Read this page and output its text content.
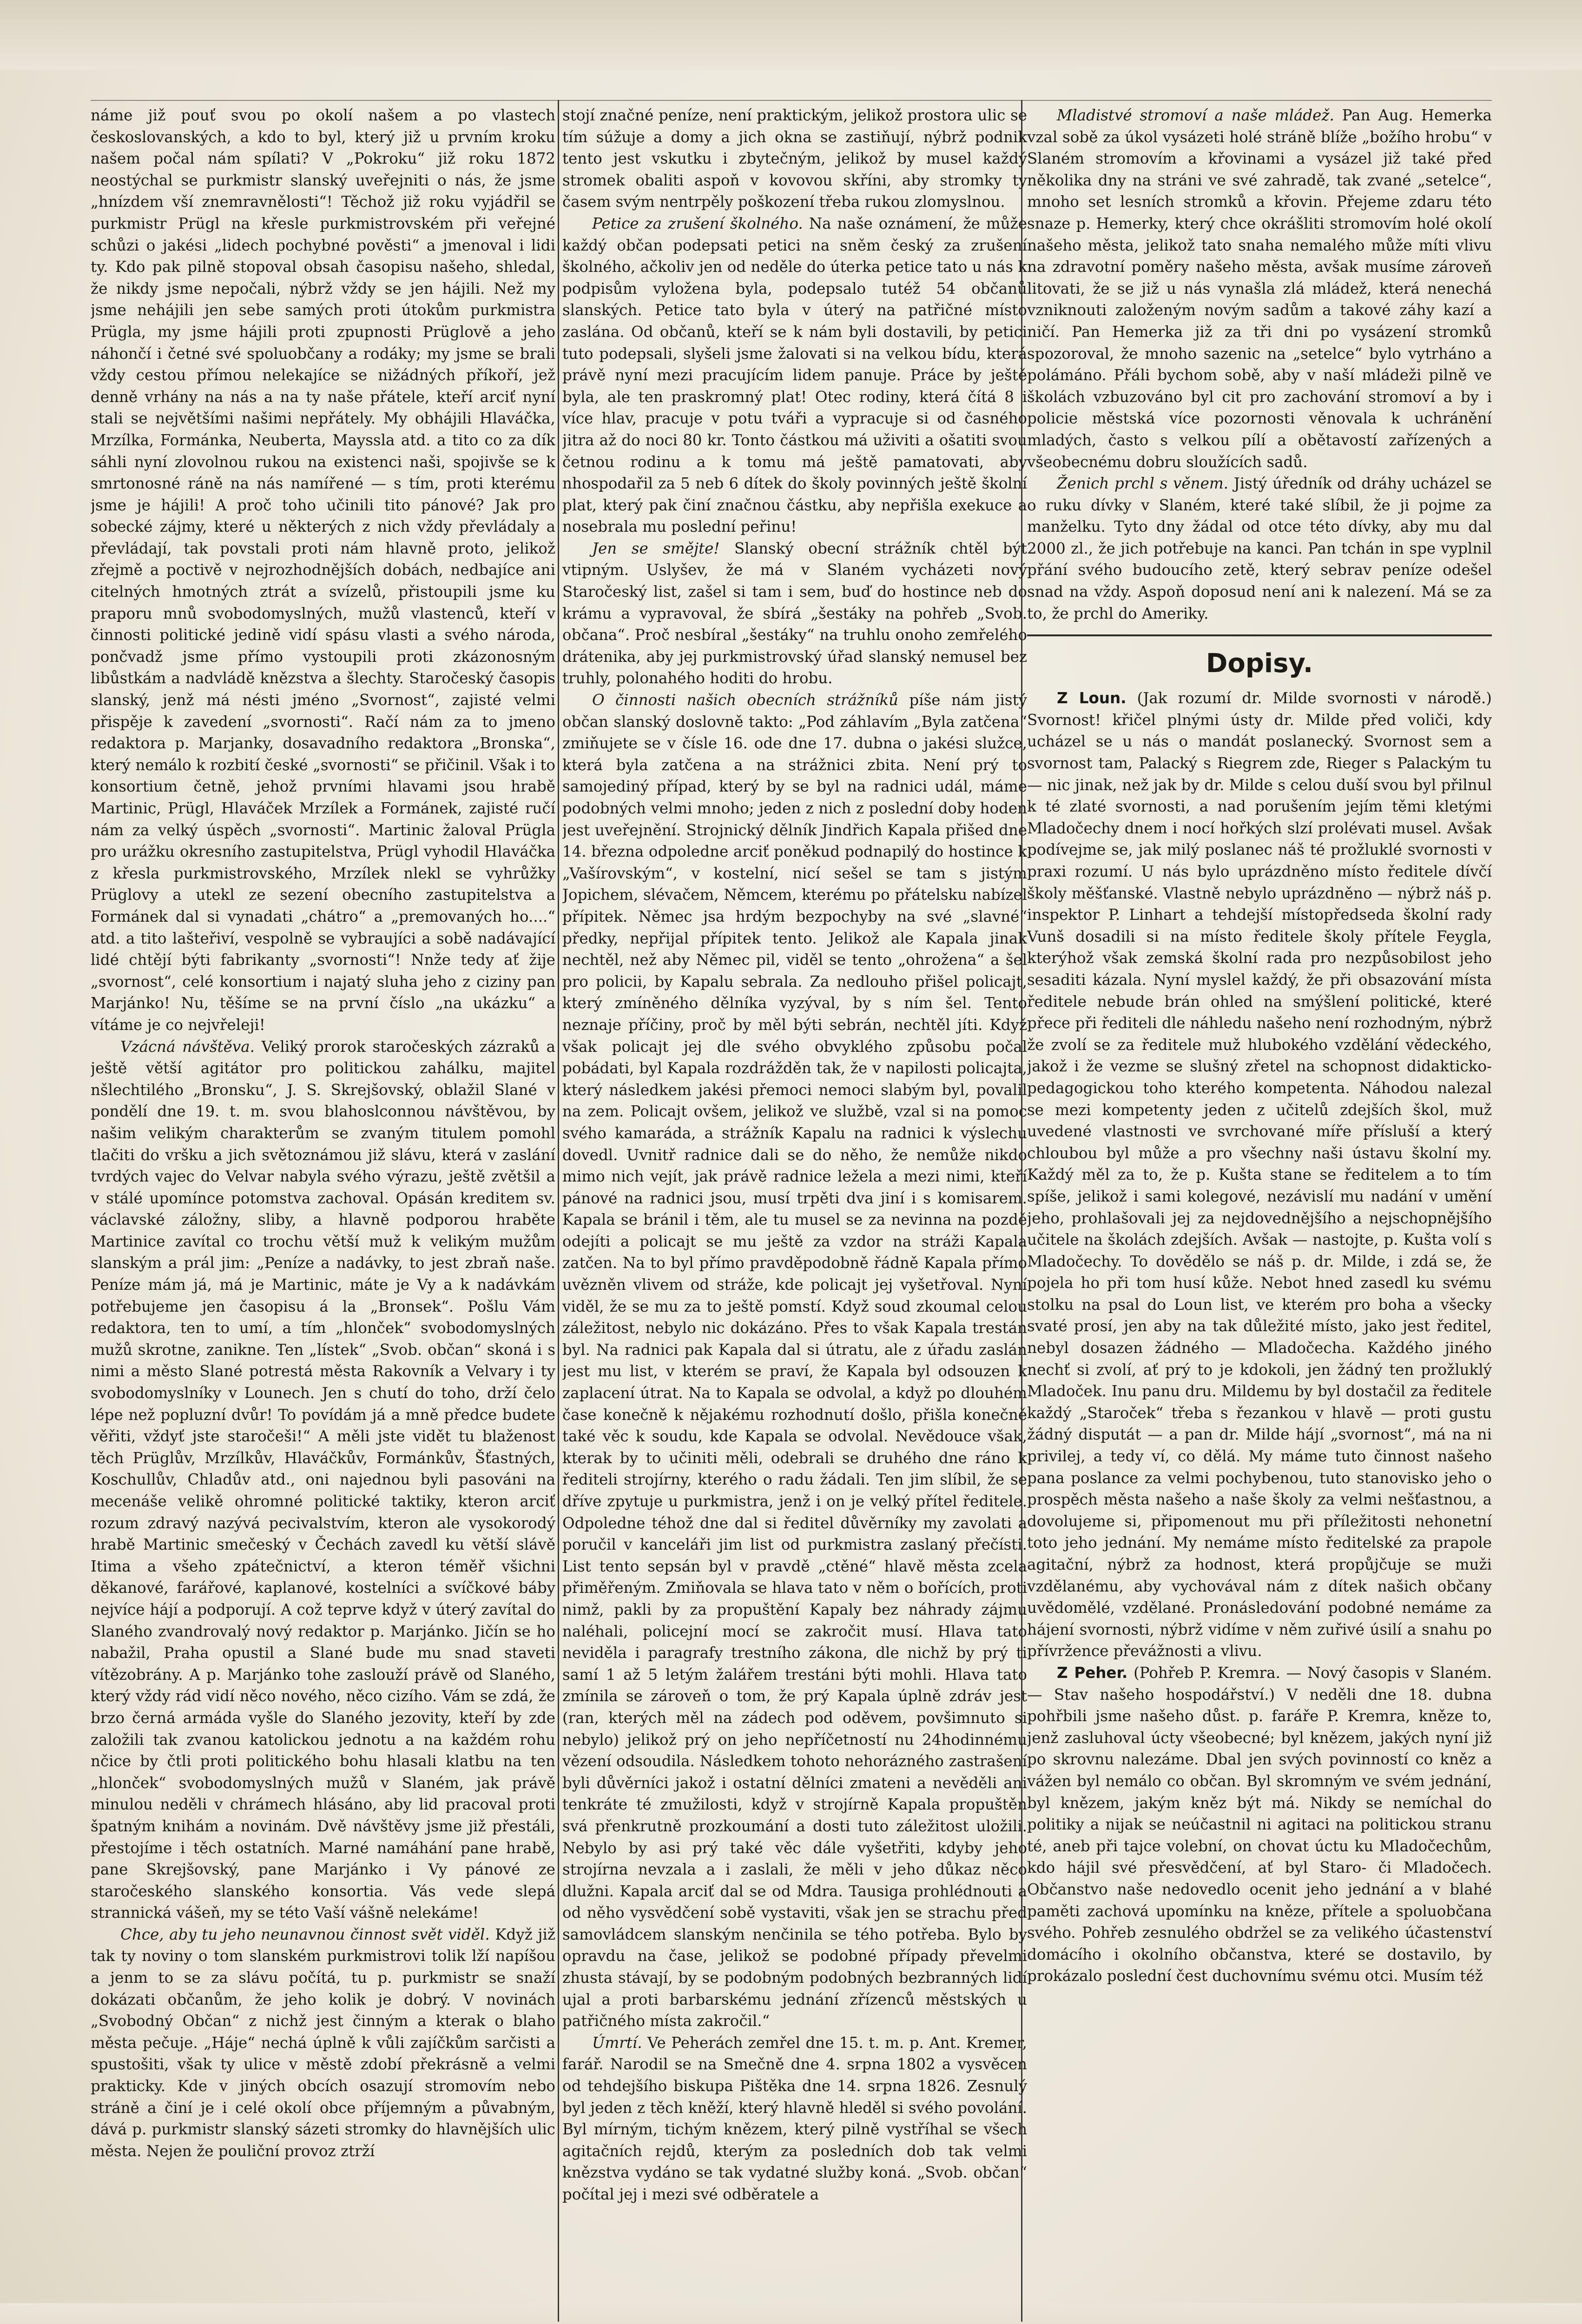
náme již pouť svou po okolí našem a po vlastech českoslovanských, a kdo to byl, který již u prvním kroku našem počal nám spílati? V „Pokroku“ již roku 1872 neostýchal se purkmistr slanský uveřejniti o nás, že jsme „hnízdem vší znemravnělosti“! Těchož již roku vyjádřil se purkmistr Prügl na křesle purkmistrovském při veřejné schůzi o jakési „lidech pochybné pověsti“ a jmenoval i lidi ty. Kdo pak pilně stopoval obsah časopisu našeho, shledal, že nikdy jsme nepočali, nýbrž vždy se jen hájili. Než my jsme nehájili jen sebe samých proti útokům purkmistra Prügla, my jsme hájili proti zpupnosti Prüglově a jeho náhončí i četné své spoluobčany a rodáky; my jsme se brali vždy cestou přímou nelekajíce se nižádných příkoří, jež denně vrhány na nás a na ty naše přátele, kteří arciť nyní stali se největšími našimi nepřátely. My obhájili Hlaváčka, Mrzílka, Formánka, Neuberta, Mayssla atd. a tito co za dík sáhli nyní zlovolnou rukou na existenci naši, spojivše se k smrtonosné ráně na nás namířené — s tím, proti kterému jsme je hájili! A proč toho učinili tito pánové? Jak pro sobecké zájmy, které u některých z nich vždy převládaly a převládají, tak povstali proti nám hlavně proto, jelikož zřejmě a poctivě v nejrozhodnějších dobách, nedbajíce ani citelných hmotných ztrát a svízelů, přistoupili jsme ku praporu mnů svobodomyslných, mužů vlastenců, kteří v činnosti politické jedině vidí spásu vlasti a svého národa, pončvadž jsme přímo vystoupili proti zkázonosným libůstkám a nadvládě knězstva a šlechty. Staročeský časopis slanský, jenž má nésti jméno „Svornost“, zajisté velmi přispěje k zavedení „svornosti“. Račí nám za to jmeno redaktora p. Marjanky, dosavadního redaktora „Bronska“, který nemálo k rozbití české „svornosti“ se přičinil. Však i to konsortium četně, jehož prvními hlavami jsou hrabě Martinic, Prügl, Hlaváček Mrzílek a Formánek, zajisté ručí nám za velký úspěch „svornosti“. Martinic žaloval Prügla pro urážku okresního zastupitelstva, Prügl vyhodil Hlaváčka z křesla purkmistrovského, Mrzílek nlekl se vyhrůžky Prüglovy a utekl ze sezení obecního zastupitelstva a Formánek dal si vynadati „chátro“ a „premovaných ho....“ atd. a tito lašteřiví, vespolně se vybraujíci a sobě nadávající lidé chtějí býti fabrikanty „svornosti“! Nnže tedy ať žije „svornost“, celé konsortium i najatý sluha jeho z ciziny pan Marjánko! Nu, těšíme se na první číslo „na ukázku“ a vítáme je co nejvřeleji!

Vzácná návštěva. Veliký prorok staročeských zázraků a ještě větší agitátor pro politickou zahálku, majitel nšlechtilého „Bronsku“, J. S. Skrejšovský, oblažil Slané v pondělí dne 19. t. m. svou blahoslconnou návštěvou, by našim velikým charakterům se zvaným titulem pomohl tlačiti do vršku a jich světoznámou již slávu, která v zaslání tvrdých vajec do Velvar nabyla svého výrazu, ještě zvětšil a v stálé upomínce potomstva zachoval. Opásán kreditem sv. václavské záložny, sliby, a hlavně podporou hraběte Martinice zavítal co trochu větší muž k velikým mužům slanským a prál jim: „Peníze a nadávky, to jest zbraň naše. Peníze mám já, má je Martinic, máte je Vy a k nadávkám potřebujeme jen časopisu á la „Bronsek“. Pošlu Vám redaktora, ten to umí, a tím „hlonček“ svobodomyslných mužů skrotne, zanikne. Ten „lístek“ „Svob. občan“ skoná i s nimi a město Slané potrestá města Rakovník a Velvary i ty svobodomyslníky v Lounech. Jen s chutí do toho, drží čelo lépe než popluzní dvůr! To povídám já a mně předce budete věřiti, vždyť jste staročeši!“ A měli jste vidět tu blaženost těch Prüglův, Mrzílkův, Hlaváčkův, Formánkův, Šťastných, Koschullův, Chladův atd., oni najednou byli pasováni na mecenáše velikě ohromné politické taktiky, kteron arciť rozum zdravý nazývá pecivalstvím, kteron ale vysokorodý hrabě Martinic smečeský v Čechách zavedl ku větší slávě Itima a všeho zpátečnictví, a kteron téměř všichni děkanové, farářové, kaplanové, kostelníci a svíčkové báby nejvíce hájí a podporují. A což teprve když v úterý zavítal do Slaného zvandrovalý nový redaktor p. Marjánko. Jičín se ho nabažil, Praha opustil a Slané bude mu snad staveti vítězobrány. A p. Marjánko tohe zaslouží právě od Slaného, který vždy rád vidí něco nového, něco cizího. Vám se zdá, že brzo černá armáda vyšle do Slaného jezovity, kteří by zde založili tak zvanou katolickou jednotu a na každém rohu nčice by čtli proti politického bohu hlasali klatbu na ten „hlonček“ svobodomyslných mužů v Slaném, jak právě minulou neděli v chrámech hlásáno, aby lid pracoval proti špatným knihám a novinám. Dvě návštěvy jsme již přestáli, přestojíme i těch ostatních. Marné namáhání pane hrabě, pane Skrejšovský, pane Marjánko i Vy pánové ze staročeského slanského konsortia. Vás vede slepá strannická vášeň, my se této Vaší vášně nelekáme!

Chce, aby tu jeho neunavnou činnost svět viděl. Když již tak ty noviny o tom slanském purkmistrovi tolik lží napíšou a jenm to se za slávu počítá, tu p. purkmistr se snaží dokázati občanům, že jeho kolik je dobrý. V novinách „Svobodný Občan“ z nichž jest činným a kterak o blaho města pečuje. „Háje“ nechá úplně k vůli zajíčkům sarčisti a spustošiti, však ty ulice v městě zdobí překrásně a velmi prakticky. Kde v jiných obcích osazují stromovím nebo stráně a činí je i celé okolí obce příjemným a půvabným, dává p. purkmistr slanský sázeti stromky do hlavnějších ulic města. Nejen že pouliční provoz ztrží

stojí značné peníze, není praktickým, jelikož prostora ulic se tím súžuje a domy a jich okna se zastiňují, nýbrž podnik tento jest vskutku i zbytečným, jelikož by musel každý stromek obaliti aspoň v kovovou skříni, aby stromky ty časem svým nentrpěly poškození třeba rukou zlomyslnou.

Petice za zrušení školného. Na naše oznámení, že může každý občan podepsati petici na sněm český za zrušení školného, ačkoliv jen od neděle do úterka petice tato u nás k podpisům vyložena byla, podepsalo tutéž 54 občanů slanských. Petice tato byla v úterý na patřičné místo zaslána. Od občanů, kteří se k nám byli dostavili, by petici tuto podepsali, slyšeli jsme žalovati si na velkou bídu, která právě nyní mezi pracujícím lidem panuje. Práce by ještě byla, ale ten praskromný plat! Otec rodiny, která čítá 8 i více hlav, pracuje v potu tváři a vypracuje si od časného jitra až do noci 80 kr. Tonto částkou má uživiti a ošatiti svou četnou rodinu a k tomu má ještě pamatovati, aby nhospodařil za 5 neb 6 dítek do školy povinných ještě školní plat, který pak činí značnou částku, aby nepřišla exekuce a nosebrala mu poslední peřinu!

Jen se smějte! Slanský obecní strážník chtěl být vtipným. Uslyšev, že má v Slaném vycházeti nový Staročeský list, zašel si tam i sem, buď do hostince neb do krámu a vypravoval, že sbírá „šestáky na pohřeb „Svob. občana“. Proč nesbíral „šestáky“ na truhlu onoho zemřelého drátenika, aby jej purkmistrovský úřad slanský nemusel bez truhly, polonahého hoditi do hrobu.

O činnosti našich obecních strážníků píše nám jistý občan slanský doslovně takto: „Pod záhlavím „Byla zatčena“ zmiňujete se v čísle 16. ode dne 17. dubna o jakési služce, která byla zatčena a na strážnici zbita. Není prý to samojediný případ, který by se byl na radnici udál, máme podobných velmi mnoho; jeden z nich z poslední doby hoden jest uveřejnění. Strojnický dělník Jindřich Kapala přišed dne 14. března odpoledne arciť poněkud podnapilý do hostince k „Vašírovským“, v kostelní, nicí sešel se tam s jistým Jopichem, slévačem, Němcem, kterému po přátelsku nabízel přípitek. Němec jsa hrdým bezpochyby na své „slavné“ předky, nepřijal přípitek tento. Jelikož ale Kapala jinak nechtěl, než aby Němec pil, viděl se tento „ohrožena“ a šel pro policii, by Kapalu sebrala. Za nedlouho přišel policajt, který zmíněného dělníka vyzýval, by s ním šel. Tento neznaje příčiny, proč by měl býti sebrán, nechtěl jíti. Když však policajt jej dle svého obvyklého způsobu počal pobádati, byl Kapala rozdrážděn tak, že v napilosti policajta, který následkem jakési přemoci nemoci slabým byl, povalil na zem. Policajt ovšem, jelikož ve službě, vzal si na pomoc svého kamaráda, a strážník Kapalu na radnici k výslechu dovedl. Uvnitř radnice dali se do něho, že nemůže nikdo mimo nich vejít, jak právě radnice ležela a mezi nimi, kteří pánové na radnici jsou, musí trpěti dva jiní i s komisarem. Kapala se bránil i těm, ale tu musel se za nevinna na pozdě odejíti a policajt se mu ještě za vzdor na stráži Kapala zatčen. Na to byl přímo pravděpodobně řádně Kapala přímo uvězněn vlivem od stráže, kde policajt jej vyšetřoval. Nyní viděl, že se mu za to ještě pomstí. Když soud zkoumal celou záležitost, nebylo nic dokázáno. Přes to však Kapala trestán byl. Na radnici pak Kapala dal si útratu, ale z úřadu zaslán jest mu list, v kterém se praví, že Kapala byl odsouzen k zaplacení útrat. Na to Kapala se odvolal, a když po dlouhém čase konečně k nějakému rozhodnutí došlo, přišla konečně také věc k soudu, kde Kapala se odvolal. Nevědouce však, kterak by to učiniti měli, odebrali se druhého dne ráno k řediteli strojírny, kterého o radu žádali. Ten jim slíbil, že se dříve zpytuje u purkmistra, jenž i on je velký přítel ředitele. Odpoledne téhož dne dal si ředitel důvěrníky my zavolati a poručil v kanceláři jim list od purkmistra zaslaný přečísti. List tento sepsán byl v pravdě „ctěné“ hlavě města zcela přiměřeným. Zmiňovala se hlava tato v něm o bořících, proti nimž, pakli by za propuštění Kapaly bez náhrady zájmu naléhali, policejní mocí se zakročit musí. Hlava tato neviděla i paragrafy trestního zákona, dle nichž by prý ti samí 1 až 5 letým žalářem trestáni býti mohli. Hlava tato zmínila se zároveň o tom, že prý Kapala úplně zdráv jest (ran, kterých měl na zádech pod oděvem, povšimnuto si nebylo) jelikož prý on jeho nepříčetností nu 24hodinnému vězení odsoudila. Následkem tohoto nehorázného zastrašení byli důvěrníci jakož i ostatní dělníci zmateni a nevěděli ani tenkráte té zmužilosti, když v strojírně Kapala propuštěn svá přenkrutně prozkoumání a dosti tuto záležitost uložili. Nebylo by asi prý také věc dále vyšetřiti, kdyby jeho strojírna nevzala a i zaslali, že měli v jeho důkaz něco dlužni. Kapala arciť dal se od Mdra. Tausiga prohlédnouti a od něho vysvědčení sobě vystaviti, však jen se strachu před samovládcem slanským nenčinila se tého potřeba. Bylo by opravdu na čase, jelikož se podobné případy převelmi zhusta stávají, by se podobným podobných bezbranných lidí ujal a proti barbarskému jednání zřízenců městských u patřičného místa zakročil.“

Úmrtí. Ve Peherách zemřel dne 15. t. m. p. Ant. Kremer, farář. Narodil se na Smečně dne 4. srpna 1802 a vysvěcen od tehdejšího biskupa Pištěka dne 14. srpna 1826. Zesnulý byl jeden z těch kněží, který hlavně hleděl si svého povolání. Byl mírným, tichým knězem, který pilně vystříhal se všech agitačních rejdů, kterým za posledních dob tak velmi knězstva vydáno se tak vydatné služby koná. „Svob. občan“ počítal jej i mezi své odběratele a

Mladistvé stromoví a naše mládež. Pan Aug. Hemerka vzal sobě za úkol vysázeti holé stráně blíže „božího hrobu“ v Slaném stromovím a křovinami a vysázel již také před několika dny na stráni ve své zahradě, tak zvané „setelce“, mnoho set lesních stromků a křovin. Přejeme zdaru této snaze p. Hemerky, který chce okrášliti stromovím holé okolí našeho města, jelikož tato snaha nemalého může míti vlivu na zdravotní poměry našeho města, avšak musíme zároveň litovati, že se již u nás vynašla zlá mládež, která nenechá vzniknouti založeným novým sadům a takové záhy kazí a ničí. Pan Hemerka již za tři dni po vysázení stromků spozoroval, že mnoho sazenic na „setelce“ bylo vytrháno a polámáno. Přáli bychom sobě, aby v naší mládeži pilně ve školách vzbuzováno byl cit pro zachování stromoví a by i policie městská více pozornosti věnovala k uchránění mladých, často s velkou pílí a obětavostí zařízených a všeobecnému dobru sloužících sadů.

Ženich prchl s věnem. Jistý úředník od dráhy ucházel se o ruku dívky v Slaném, které také slíbil, že ji pojme za manželku. Tyto dny žádal od otce této dívky, aby mu dal 2000 zl., že jich potřebuje na kanci. Pan tchán in spe vyplnil přání svého budoucího zetě, který sebrav peníze odešel snad na vždy. Aspoň doposud není ani k nalezení. Má se za to, že prchl do Ameriky.

Dopisy.

Z Loun. (Jak rozumí dr. Milde svornosti v národě.) Svornost! křičel plnými ústy dr. Milde před voliči, kdy ucházel se u nás o mandát poslanecký. Svornost sem a svornost tam, Palacký s Riegrem zde, Rieger s Palackým tu — nic jinak, než jak by dr. Milde s celou duší svou byl přilnul k té zlaté svornosti, a nad porušením jejím těmi kletými Mladočechy dnem i nocí hořkých slzí prolévati musel. Avšak podívejme se, jak milý poslanec náš té prožluklé svornosti v praxi rozumí. U nás bylo uprázdněno místo ředitele dívčí školy měšťanské. Vlastně nebylo uprázdněno — nýbrž náš p. inspektor P. Linhart a tehdejší místopředseda školní rady Vunš dosadili si na místo ředitele školy přítele Feygla, kterýhož však zemská školní rada pro nezpůsobilost jeho sesaditi kázala. Nyní myslel každý, že při obsazování místa ředitele nebude brán ohled na smýšlení politické, které přece při řediteli dle náhledu našeho není rozhodným, nýbrž že zvolí se za ředitele muž hlubokého vzdělání vědeckého, jakož i že vezme se slušný zřetel na schopnost didakticko-pedagogickou toho kterého kompetenta. Náhodou nalezal se mezi kompetenty jeden z učitelů zdejších škol, muž uvedené vlastnosti ve svrchované míře přísluší a který chloubou byl může a pro všechny naši ústavu školní my. Každý měl za to, že p. Kušta stane se ředitelem a to tím spíše, jelikož i sami kolegové, nezávislí mu nadání v umění jeho, prohlašovali jej za nejdovednějšího a nejschopnějšího učitele na školách zdejších. Avšak — nastojte, p. Kušta volí s Mladočechy. To dovědělo se náš p. dr. Milde, i zdá se, že pojela ho při tom husí kůže. Nebot hned zasedl ku svému stolku na psal do Loun list, ve kterém pro boha a všecky svaté prosí, jen aby na tak důležité místo, jako jest ředitel, nebyl dosazen žádného — Mladočecha. Každého jiného nechť si zvolí, ať prý to je kdokoli, jen žádný ten prožluklý Mladoček. Inu panu dru. Mildemu by byl dostačil za ředitele každý „Staroček“ třeba s řezankou v hlavě — proti gustu žádný disputát — a pan dr. Milde hájí „svornost“, má na ni privilej, a tedy ví, co dělá. My máme tuto činnost našeho pana poslance za velmi pochybenou, tuto stanovisko jeho o prospěch města našeho a naše školy za velmi nešťastnou, a dovolujeme si, připomenout mu při příležitosti nehonetní toto jeho jednání. My nemáme místo ředitelské za prapole agitační, nýbrž za hodnost, která propůjčuje se muži vzdělanému, aby vychovával nám z dítek našich občany uvědomělé, vzdělané. Pronásledování podobné nemáme za hájení svornosti, nýbrž vidíme v něm zuřivé úsilí a snahu po přívržence převážnosti a vlivu.

Z Peher. (Pohřeb P. Kremra. — Nový časopis v Slaném. — Stav našeho hospodářství.) V neděli dne 18. dubna pohřbili jsme našeho důst. p. faráře P. Kremra, kněze to, jenž zasluhoval úcty všeobecné; byl knězem, jakých nyní již po skrovnu nalezáme. Dbal jen svých povinností co kněz a vážen byl nemálo co občan. Byl skromným ve svém jednání, byl knězem, jakým kněz být má. Nikdy se nemíchal do politiky a nijak se neúčastnil ni agitaci na politickou stranu té, aneb při tajce volební, on chovat úctu ku Mladočechům, kdo hájil své přesvědčení, ať byl Staro- či Mladočech. Občanstvo naše nedovedlo ocenit jeho jednání a v blahé paměti zachová upomínku na kněze, přítele a spoluobčana svého. Pohřeb zesnulého obdržel se za velikého účastenství domácího i okolního občanstva, které se dostavilo, by prokázalo poslední čest duchovnímu svému otci. Musím též
